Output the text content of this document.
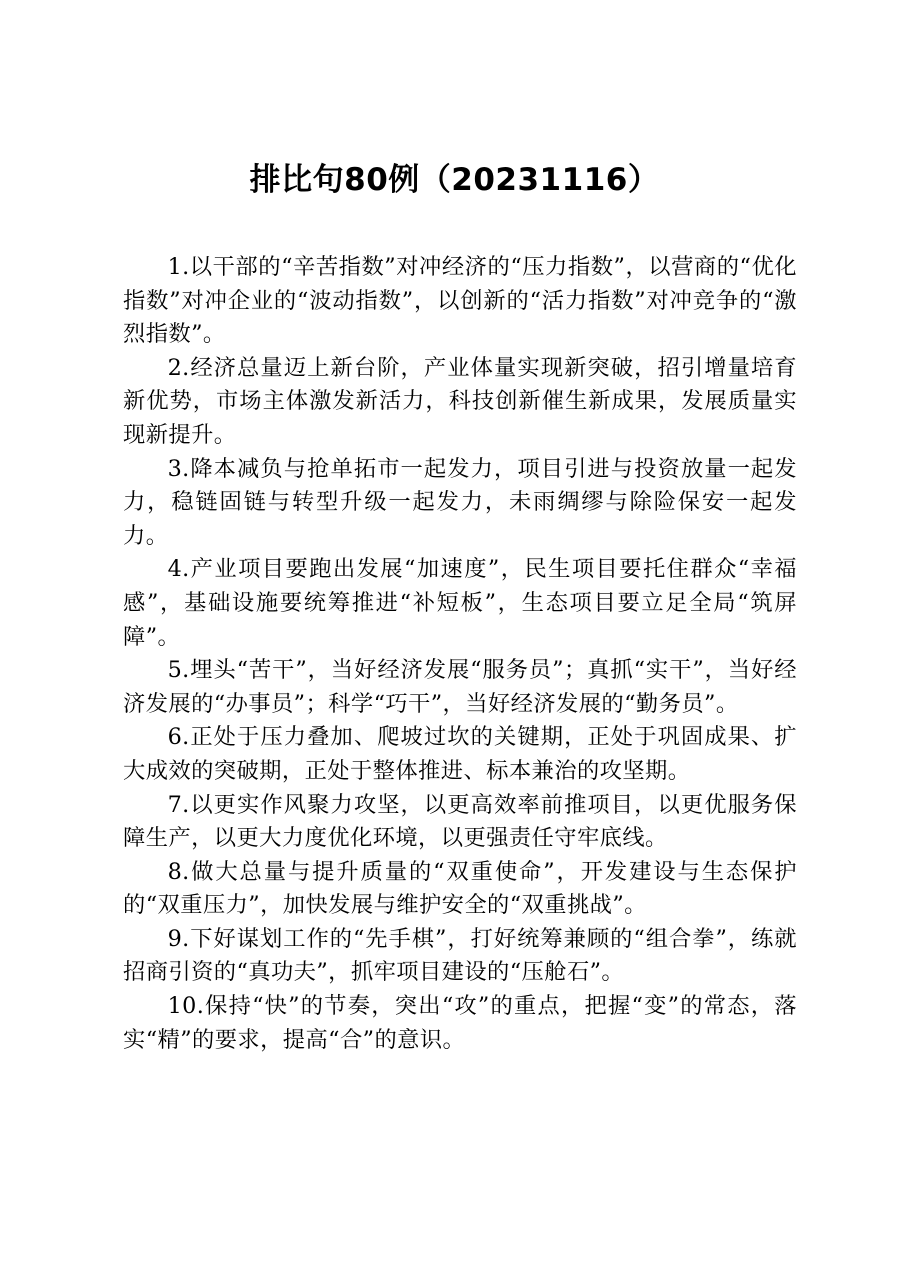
排比句80例（20231116）

1.以干部的“辛苦指数”对冲经济的“压力指数”，以营商的“优化指数”对冲企业的“波动指数”，以创新的“活力指数”对冲竞争的“激烈指数”。

2.经济总量迈上新台阶，产业体量实现新突破，招引增量培育新优势，市场主体激发新活力，科技创新催生新成果，发展质量实现新提升。

3.降本减负与抢单拓市一起发力，项目引进与投资放量一起发力，稳链固链与转型升级一起发力，未雨绸缪与除险保安一起发力。

4.产业项目要跑出发展“加速度”，民生项目要托住群众“幸福感”，基础设施要统筹推进“补短板”，生态项目要立足全局“筑屏障”。

5.埋头“苦干”，当好经济发展“服务员”；真抓“实干”，当好经济发展的“办事员”；科学“巧干”，当好经济发展的“勤务员”。

6.正处于压力叠加、爬坡过坎的关键期，正处于巩固成果、扩大成效的突破期，正处于整体推进、标本兼治的攻坚期。

7.以更实作风聚力攻坚，以更高效率前推项目，以更优服务保障生产，以更大力度优化环境，以更强责任守牢底线。

8.做大总量与提升质量的“双重使命”，开发建设与生态保护的“双重压力”，加快发展与维护安全的“双重挑战”。

9.下好谋划工作的“先手棋”，打好统筹兼顾的“组合拳”，练就招商引资的“真功夫”，抓牢项目建设的“压舱石”。

10.保持“快”的节奏，突出“攻”的重点，把握“变”的常态，落实“精”的要求，提高“合”的意识。
